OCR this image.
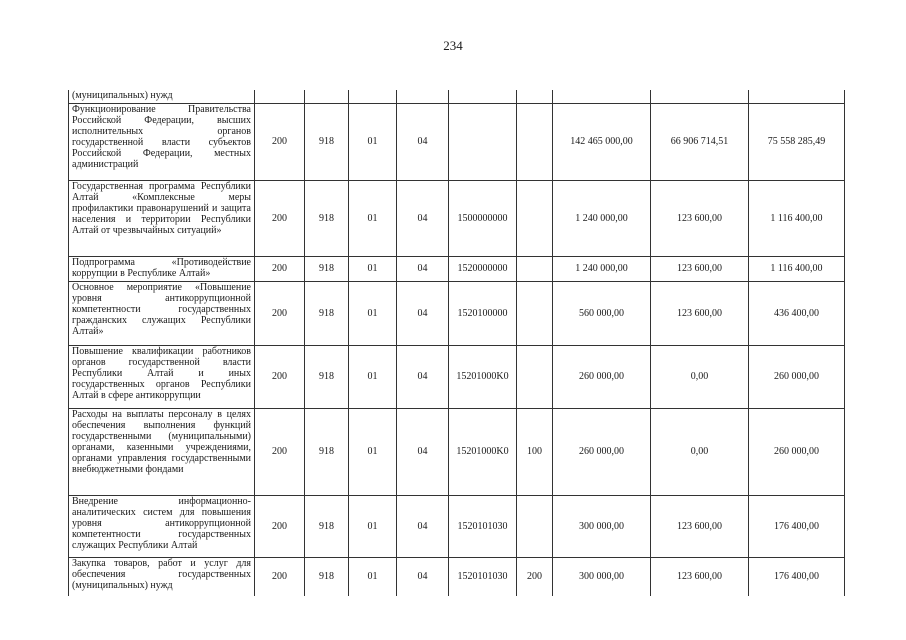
234
(муниципальных) нужд									
Функционирование Правительства Российской Федерации, высших исполнительных органов государственной власти субъектов Российской Федерации, местных администраций	200	918	01	04			142 465 000,00	66 906 714,51	75 558 285,49
Государственная программа Республики Алтай «Комплексные меры профилактики правонарушений и защита населения и территории Республики Алтай от чрезвычайных ситуаций»	200	918	01	04	1500000000		1 240 000,00	123 600,00	1 116 400,00
Подпрограмма «Противодействие коррупции в Республике Алтай»	200	918	01	04	1520000000		1 240 000,00	123 600,00	1 116 400,00
Основное мероприятие «Повышение уровня антикоррупционной компетентности государственных гражданских служащих Республики Алтай»	200	918	01	04	1520100000		560 000,00	123 600,00	436 400,00
Повышение квалификации работников органов государственной власти Республики Алтай и иных государственных органов Республики Алтай в сфере антикоррупции	200	918	01	04	15201000K0		260 000,00	0,00	260 000,00
Расходы на выплаты персоналу в целях обеспечения выполнения функций государственными (муниципальными) органами, казенными учреждениями, органами управления государственными внебюджетными фондами	200	918	01	04	15201000K0	100	260 000,00	0,00	260 000,00
Внедрение информационно-аналитических систем для повышения уровня антикоррупционной компетентности государственных служащих Республики Алтай	200	918	01	04	1520101030		300 000,00	123 600,00	176 400,00
Закупка товаров, работ и услуг для обеспечения государственных (муниципальных) нужд	200	918	01	04	1520101030	200	300 000,00	123 600,00	176 400,00
